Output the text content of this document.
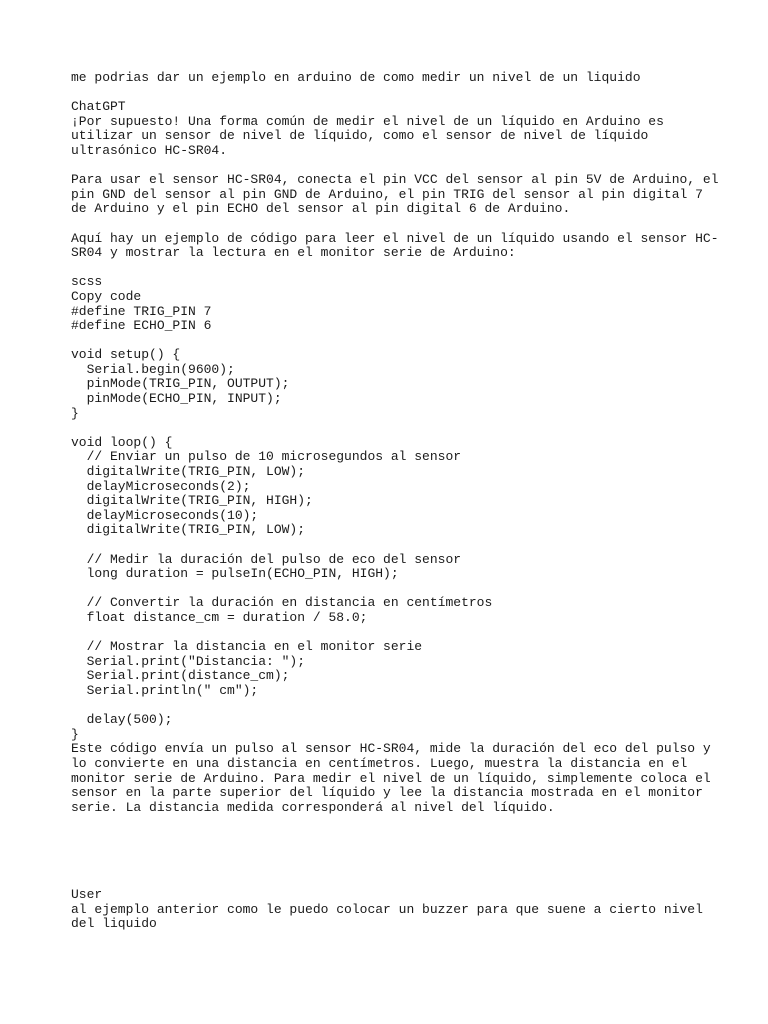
me podrias dar un ejemplo en arduino de como medir un nivel de un liquido
ChatGPT
¡Por supuesto! Una forma común de medir el nivel de un líquido en Arduino es
utilizar un sensor de nivel de líquido, como el sensor de nivel de líquido
ultrasónico HC-SR04.
Para usar el sensor HC-SR04, conecta el pin VCC del sensor al pin 5V de Arduino, el
pin GND del sensor al pin GND de Arduino, el pin TRIG del sensor al pin digital 7
de Arduino y el pin ECHO del sensor al pin digital 6 de Arduino.
Aquí hay un ejemplo de código para leer el nivel de un líquido usando el sensor HC-
SR04 y mostrar la lectura en el monitor serie de Arduino:
scss
Copy code
#define TRIG_PIN 7
#define ECHO_PIN 6
void setup() {
Serial.begin(9600);
pinMode(TRIG_PIN, OUTPUT);
pinMode(ECHO_PIN, INPUT);
}
void loop() {
// Enviar un pulso de 10 microsegundos al sensor
digitalWrite(TRIG_PIN, LOW);
delayMicroseconds(2);
digitalWrite(TRIG_PIN, HIGH);
delayMicroseconds(10);
digitalWrite(TRIG_PIN, LOW);
// Medir la duración del pulso de eco del sensor
long duration = pulseIn(ECHO_PIN, HIGH);
// Convertir la duración en distancia en centímetros
float distance_cm = duration / 58.0;
// Mostrar la distancia en el monitor serie
Serial.print("Distancia: ");
Serial.print(distance_cm);
Serial.println(" cm");
delay(500);
}
Este código envía un pulso al sensor HC-SR04, mide la duración del eco del pulso y
lo convierte en una distancia en centímetros. Luego, muestra la distancia en el
monitor serie de Arduino. Para medir el nivel de un líquido, simplemente coloca el
sensor en la parte superior del líquido y lee la distancia mostrada en el monitor
serie. La distancia medida corresponderá al nivel del líquido.
User
al ejemplo anterior como le puedo colocar un buzzer para que suene a cierto nivel
del liquido
